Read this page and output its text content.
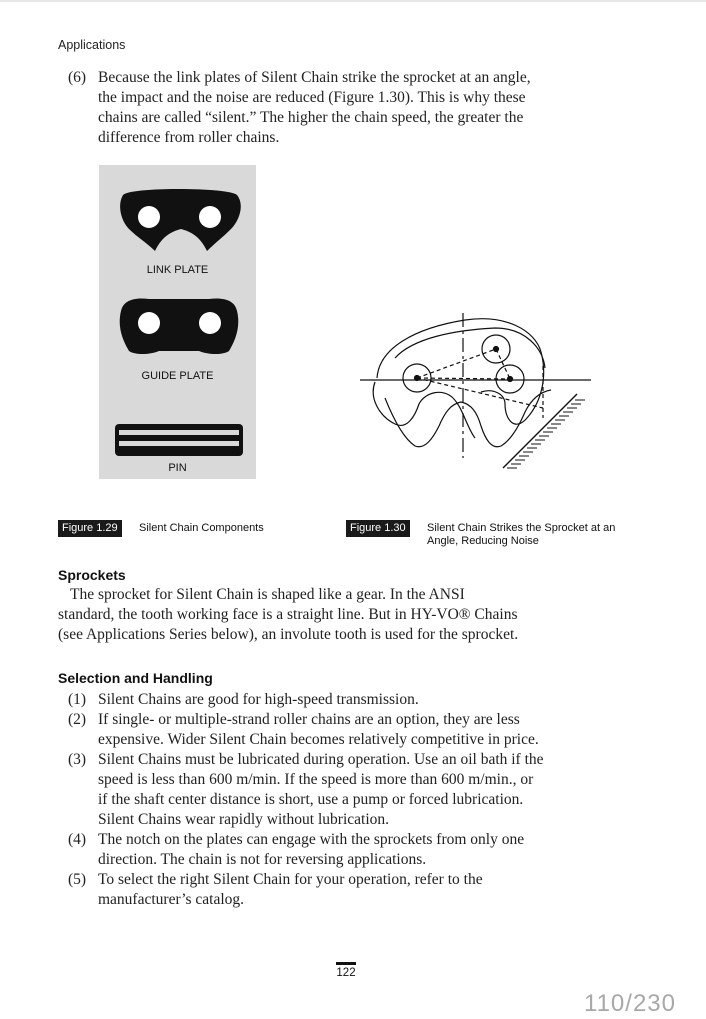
Applications
(6) Because the link plates of Silent Chain strike the sprocket at an angle,
the impact and the noise are reduced (Figure 1.30). This is why these
chains are called “silent.” The higher the chain speed, the greater the
difference from roller chains.
LINK PLATE
GUIDE PLATE
PIN
Figure 1.29	Silent Chain Components	Figure 1.30	Silent Chain Strikes the Sprocket at an
Angle, Reducing Noise
Sprockets
The sprocket for Silent Chain is shaped like a gear. In the ANSI
standard, the tooth working face is a straight line. But in HY-VO® Chains
(see Applications Series below), an involute tooth is used for the sprocket.
Selection and Handling
(1) Silent Chains are good for high-speed transmission.
(2) If single- or multiple-strand roller chains are an option, they are less
expensive. Wider Silent Chain becomes relatively competitive in price.
(3) Silent Chains must be lubricated during operation. Use an oil bath if the
speed is less than 600 m/min. If the speed is more than 600 m/min., or
if the shaft center distance is short, use a pump or forced lubrication.
Silent Chains wear rapidly without lubrication.
(4) The notch on the plates can engage with the sprockets from only one
direction. The chain is not for reversing applications.
(5) To select the right Silent Chain for your operation, refer to the
manufacturer’s catalog.
122
110/230
